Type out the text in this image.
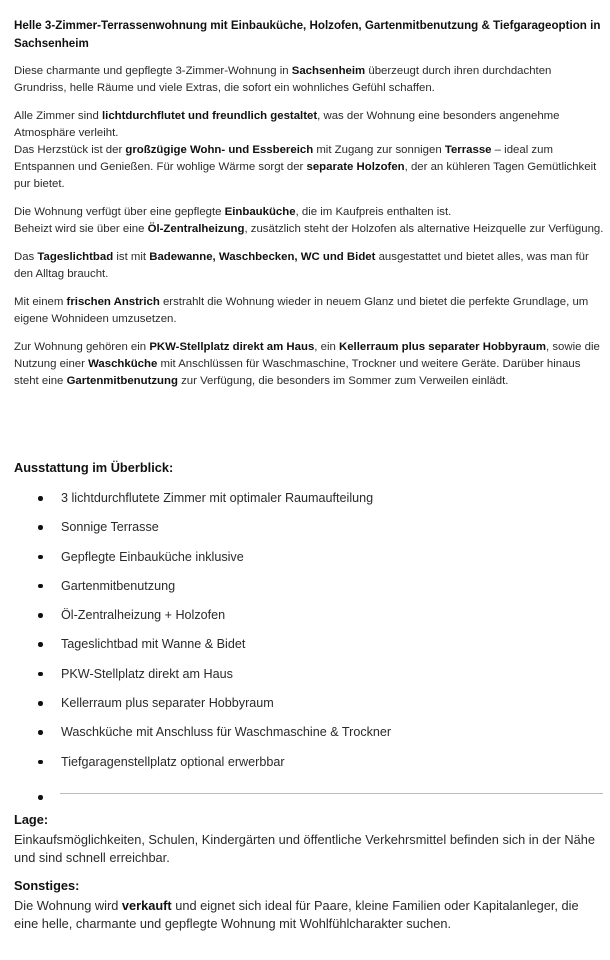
Helle 3-Zimmer-Terrassenwohnung mit Einbauküche, Holzofen, Gartenmitbenutzung & Tiefgarageoption in Sachsenheim

Diese charmante und gepflegte 3-Zimmer-Wohnung in Sachsenheim überzeugt durch ihren durchdachten Grundriss, helle Räume und viele Extras, die sofort ein wohnliches Gefühl schaffen.

Alle Zimmer sind lichtdurchflutet und freundlich gestaltet, was der Wohnung eine besonders angenehme Atmosphäre verleiht.
Das Herzstück ist der großzügige Wohn- und Essbereich mit Zugang zur sonnigen Terrasse – ideal zum Entspannen und Genießen. Für wohlige Wärme sorgt der separate Holzofen, der an kühleren Tagen Gemütlichkeit pur bietet.

Die Wohnung verfügt über eine gepflegte Einbauküche, die im Kaufpreis enthalten ist.
Beheizt wird sie über eine Öl-Zentralheizung, zusätzlich steht der Holzofen als alternative Heizquelle zur Verfügung.

Das Tageslichtbad ist mit Badewanne, Waschbecken, WC und Bidet ausgestattet und bietet alles, was man für den Alltag braucht.

Mit einem frischen Anstrich erstrahlt die Wohnung wieder in neuem Glanz und bietet die perfekte Grundlage, um eigene Wohnideen umzusetzen.

Zur Wohnung gehören ein PKW-Stellplatz direkt am Haus, ein Kellerraum plus separater Hobbyraum, sowie die Nutzung einer Waschküche mit Anschlüssen für Waschmaschine, Trockner und weitere Geräte. Darüber hinaus steht eine Gartenmitbenutzung zur Verfügung, die besonders im Sommer zum Verweilen einlädt.

Ausstattung im Überblick:
3 lichtdurchflutete Zimmer mit optimaler Raumaufteilung
Sonnige Terrasse
Gepflegte Einbauküche inklusive
Gartenmitbenutzung
Öl-Zentralheizung + Holzofen
Tageslichtbad mit Wanne & Bidet
PKW-Stellplatz direkt am Haus
Kellerraum plus separater Hobbyraum
Waschküche mit Anschluss für Waschmaschine & Trockner
Tiefgaragenstellplatz optional erwerbbar
Lage:

Einkaufsmöglichkeiten, Schulen, Kindergärten und öffentliche Verkehrsmittel befinden sich in der Nähe und sind schnell erreichbar.

Sonstiges:

Die Wohnung wird verkauft und eignet sich ideal für Paare, kleine Familien oder Kapitalanleger, die eine helle, charmante und gepflegte Wohnung mit Wohlfühlcharakter suchen.
